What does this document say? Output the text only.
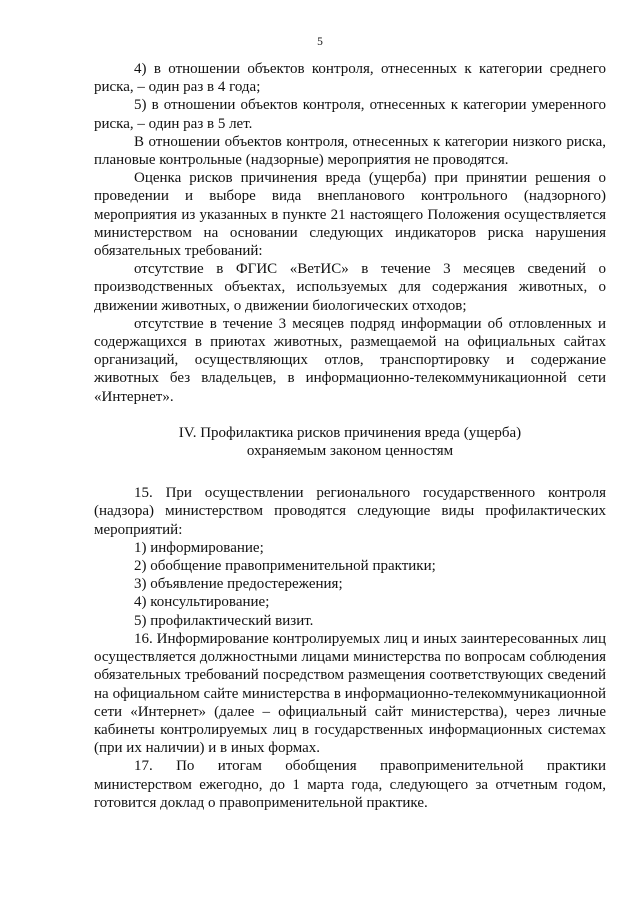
5

4) в отношении объектов контроля, отнесенных к категории среднего риска, – один раз в 4 года;

5) в отношении объектов контроля, отнесенных к категории умеренного риска, – один раз в 5 лет.

В отношении объектов контроля, отнесенных к категории низкого риска, плановые контрольные (надзорные) мероприятия не проводятся.

Оценка рисков причинения вреда (ущерба) при принятии решения о проведении и выборе вида внепланового контрольного (надзорного) мероприятия из указанных в пункте 21 настоящего Положения осуществляется министерством на основании следующих индикаторов риска нарушения обязательных требований:

отсутствие в ФГИС «ВетИС» в течение 3 месяцев сведений о производственных объектах, используемых для содержания животных, о движении животных, о движении биологических отходов;

отсутствие в течение 3 месяцев подряд информации об отловленных и содержащихся в приютах животных, размещаемой на официальных сайтах организаций, осуществляющих отлов, транспортировку и содержание животных без владельцев, в информационно-телекоммуникационной сети «Интернет».

IV. Профилактика рисков причинения вреда (ущерба)
охраняемым законом ценностям

15. При осуществлении регионального государственного контроля (надзора) министерством проводятся следующие виды профилактических мероприятий:

1) информирование;

2) обобщение правоприменительной практики;

3) объявление предостережения;

4) консультирование;

5) профилактический визит.

16. Информирование контролируемых лиц и иных заинтересованных лиц осуществляется должностными лицами министерства по вопросам соблюдения обязательных требований посредством размещения соответствующих сведений на официальном сайте министерства в информационно-телекоммуникационной сети «Интернет» (далее – официальный сайт министерства), через личные кабинеты контролируемых лиц в государственных информационных системах (при их наличии) и в иных формах.

17. По итогам обобщения правоприменительной практики министерством ежегодно, до 1 марта года, следующего за отчетным годом, готовится доклад о правоприменительной практике.
